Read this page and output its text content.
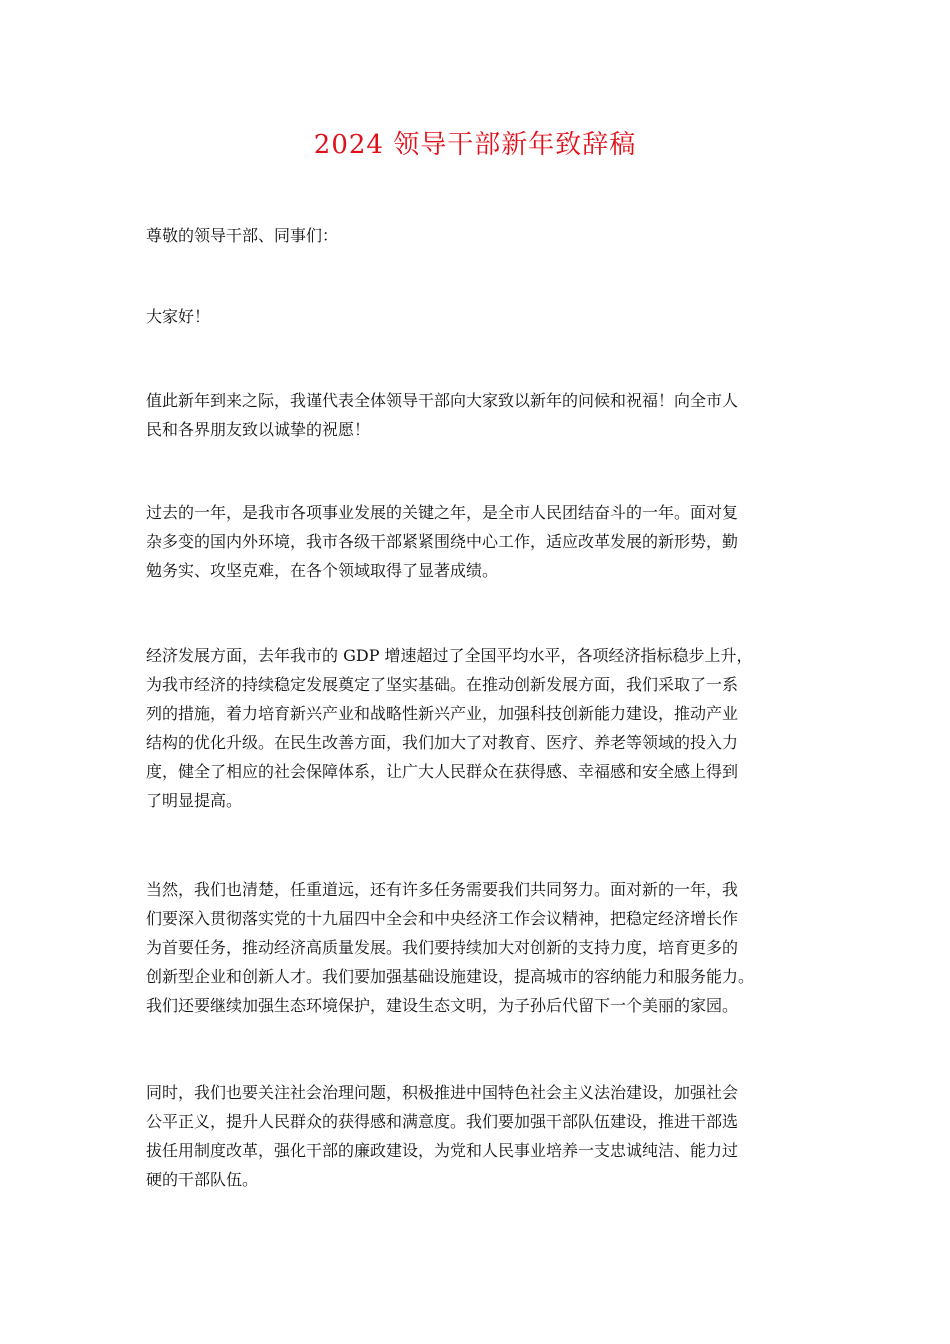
2024 领导干部新年致辞稿

尊敬的领导干部、同事们：

大家好！

值此新年到来之际，我谨代表全体领导干部向大家致以新年的问候和祝福！向全市人
民和各界朋友致以诚挚的祝愿！

过去的一年，是我市各项事业发展的关键之年，是全市人民团结奋斗的一年。面对复
杂多变的国内外环境，我市各级干部紧紧围绕中心工作，适应改革发展的新形势，勤
勉务实、攻坚克难，在各个领域取得了显著成绩。

经济发展方面，去年我市的 GDP 增速超过了全国平均水平，各项经济指标稳步上升，
为我市经济的持续稳定发展奠定了坚实基础。在推动创新发展方面，我们采取了一系
列的措施，着力培育新兴产业和战略性新兴产业，加强科技创新能力建设，推动产业
结构的优化升级。在民生改善方面，我们加大了对教育、医疗、养老等领域的投入力
度，健全了相应的社会保障体系，让广大人民群众在获得感、幸福感和安全感上得到
了明显提高。

当然，我们也清楚，任重道远，还有许多任务需要我们共同努力。面对新的一年，我
们要深入贯彻落实党的十九届四中全会和中央经济工作会议精神，把稳定经济增长作
为首要任务，推动经济高质量发展。我们要持续加大对创新的支持力度，培育更多的
创新型企业和创新人才。我们要加强基础设施建设，提高城市的容纳能力和服务能力。
我们还要继续加强生态环境保护，建设生态文明，为子孙后代留下一个美丽的家园。

同时，我们也要关注社会治理问题，积极推进中国特色社会主义法治建设，加强社会
公平正义，提升人民群众的获得感和满意度。我们要加强干部队伍建设，推进干部选
拔任用制度改革，强化干部的廉政建设，为党和人民事业培养一支忠诚纯洁、能力过
硬的干部队伍。
